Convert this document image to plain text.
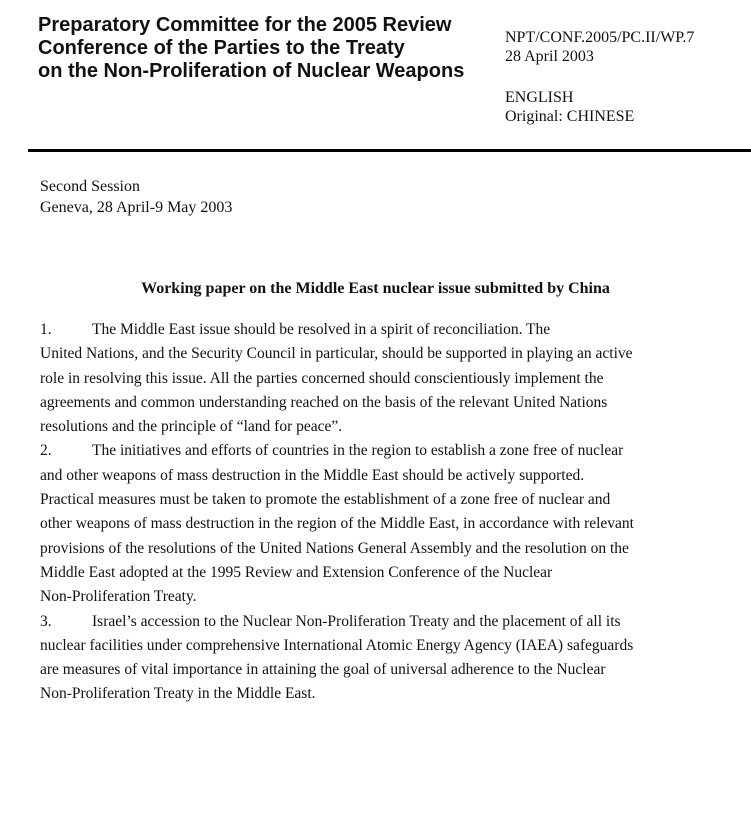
Preparatory Committee for the 2005 Review
Conference of the Parties to the Treaty
on the Non-Proliferation of Nuclear Weapons
NPT/CONF.2005/PC.II/WP.7
28 April 2003
ENGLISH
Original: CHINESE
Second Session
Geneva, 28 April-9 May 2003
Working paper on the Middle East nuclear issue submitted by China
1.	The Middle East issue should be resolved in a spirit of reconciliation. The
United Nations, and the Security Council in particular, should be supported in playing an active
role in resolving this issue. All the parties concerned should conscientiously implement the
agreements and common understanding reached on the basis of the relevant United Nations
resolutions and the principle of “land for peace”.
2.	The initiatives and efforts of countries in the region to establish a zone free of nuclear
and other weapons of mass destruction in the Middle East should be actively supported.
Practical measures must be taken to promote the establishment of a zone free of nuclear and
other weapons of mass destruction in the region of the Middle East, in accordance with relevant
provisions of the resolutions of the United Nations General Assembly and the resolution on the
Middle East adopted at the 1995 Review and Extension Conference of the Nuclear
Non-Proliferation Treaty.
3.	Israel’s accession to the Nuclear Non-Proliferation Treaty and the placement of all its
nuclear facilities under comprehensive International Atomic Energy Agency (IAEA) safeguards
are measures of vital importance in attaining the goal of universal adherence to the Nuclear
Non-Proliferation Treaty in the Middle East.
